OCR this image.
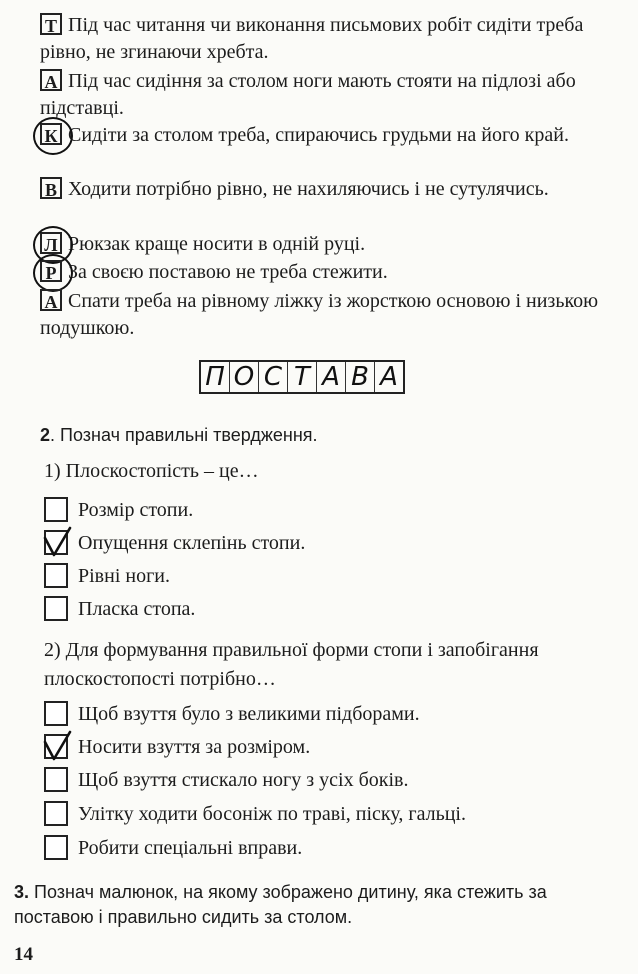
Т Під час читання чи виконання письмових робіт сидіти треба рівно, не згинаючи хребта.
А Під час сидіння за столом ноги мають стояти на підлозі або підставці.
К Сидіти за столом треба, спираючись грудьми на його край.
В Ходити потрібно рівно, не нахиляючись і не сутулячись.
Л Рюкзак краще носити в одній руці.
Р За своєю поставою не треба стежити.
А Спати треба на рівному ліжку із жорсткою основою і низькою подушкою.
П О С Т А В А
2. Познач правильні твердження.
1) Плоскостопість – це…
Розмір стопи.
Опущення склепінь стопи.
Рівні ноги.
Пласка стопа.
2) Для формування правильної форми стопи і запобігання плоскостопості потрібно…
Щоб взуття було з великими підборами.
Носити взуття за розміром.
Щоб взуття стискало ногу з усіх боків.
Улітку ходити босоніж по траві, піску, гальці.
Робити спеціальні вправи.
3. Познач малюнок, на якому зображено дитину, яка стежить за поставою і правильно сидить за столом.
14
